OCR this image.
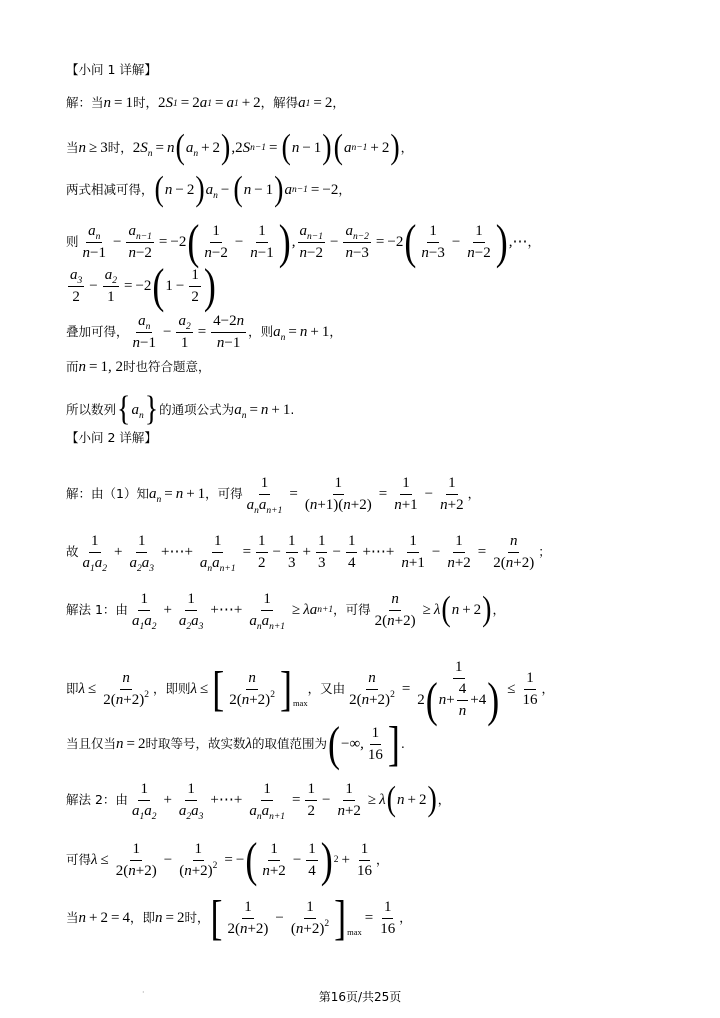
【小问 1 详解】
解：当 n = 1 时， 2 S 1 = 2 a 1 = a 1 + 2 ，解得 a 1 = 2 ，
当 n ≥ 3 时， 2 $S_n = n$ ( $a_n + 2$ ) ,2 S n−1 = ( n − 1 ) ( a n−1 + 2 ) ，
两式相减可得， ( n − 2 ) $a_n$ − ( n − 1 ) a n−1 = −2 ，
则 $\frac{a_n}{n-1} - \frac{a_{n-1}}{n-2} = -2$ ( $\frac{1}{n-2} - \frac{1}{n-1}$ ) , $\frac{a_{n-1}}{n-2} - \frac{a_{n-2}}{n-3} = -2$ ( $\frac{1}{n-3} - \frac{1}{n-2}$ ) ,⋯ ，
$\frac{a_3}{2} - \frac{a_2}{1} = -2$ ( $1 - \frac{1}{2}$ )
叠加可得， $\frac{a_n}{n-1} - \frac{a_2}{1} = \frac{4-2n}{n-1}$ ，则 $a_n = n + 1$ ，
而 n = 1, 2 时也符合题意，
所以数列 { $a_n$ } 的通项公式为 $a_n = n + 1$ .
【小问 2 详解】
解：由（1）知 $a_n = n + 1$ ，可得 $\frac{1}{a_na_{n+1}} = \frac{1}{(n+1)(n+2)} = \frac{1}{n+1} - \frac{1}{n+2}$ ，
故 $\frac{1}{a_1a_2} + \frac{1}{a_2a_3}$ +⋯+ $\frac{1}{a_na_{n+1}} = \frac{1}{2} - \frac{1}{3} + \frac{1}{3} - \frac{1}{4}$ +⋯+ $\frac{1}{n+1} - \frac{1}{n+2} = \frac{n}{2(n+2)}$ ；
解法 1：由 $\frac{1}{a_1a_2} + \frac{1}{a_2a_3}$ +⋯+ $\frac{1}{a_na_{n+1}} \ge \lambda a$ n+1 ，可得 $\frac{n}{2(n+2)} \ge \lambda$ ( n + 2 ) ，
即 $\lambda \le \frac{n}{2(n+2)^2}$ ，即则 λ ≤ [ $\frac{n}{2(n+2)^2}$ ] max
，又由 $\frac{n}{2(n+2)^2} = \frac{1}{2 ( n + \frac{4}{n} +4 )} \le \frac{1}{16}$ ，
当且仅当 n = 2 时取等号，故实数 λ 的取值范围为 ( −∞, $\frac{1}{16}$ ] .
解法 2：由 $\frac{1}{a_1a_2} + \frac{1}{a_2a_3}$ +⋯+ $\frac{1}{a_na_{n+1}} = \frac{1}{2} - \frac{1}{n+2} \ge \lambda$ ( n + 2 ) ，
可得 $\lambda \le \frac{1}{2(n+2)} - \frac{1}{(n+2)^2}$ = − ( $\frac{1}{n+2} - \frac{1}{4}$ ) $2 + \frac{1}{16}$ ，
当 n + 2 = 4 ，即 n = 2 时， [ $\frac{1}{2(n+2)} - \frac{1}{(n+2)^2}$ ] max
= $\frac{1}{16}$ ，
·	第16页/共25页
